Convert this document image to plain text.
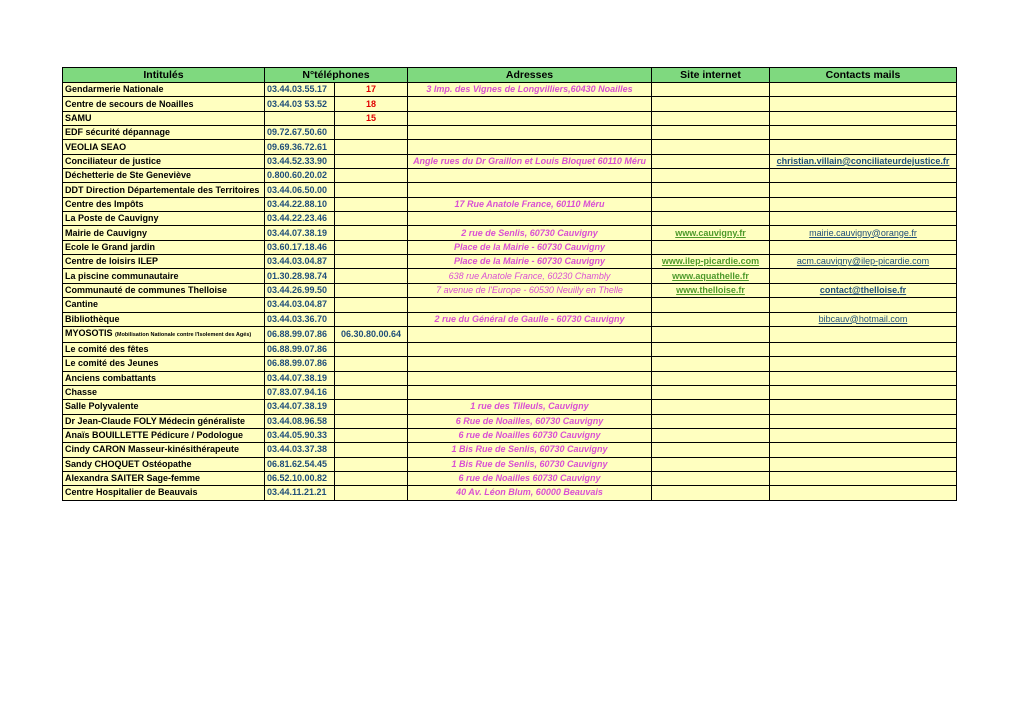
Intitulés	N°téléphones		Adresses	Site internet	Contacts mails
Gendarmerie Nationale	03.44.03.55.17	17	3 Imp. des Vignes de Longvilliers,60430 Noailles		
Centre de secours de Noailles	03.44.03 53.52	18			
SAMU		15			
EDF sécurité dépannage	09.72.67.50.60				
VEOLIA SEAO	09.69.36.72.61				
Conciliateur de justice	03.44.52.33.90		Angle rues du Dr Graillon et Louis Bloquet 60110 Méru		christian.villain@conciliateurdejustice.fr
Déchetterie de Ste Geneviève	0.800.60.20.02				
DDT Direction Départementale des Territoires	03.44.06.50.00				
Centre des Impôts	03.44.22.88.10		17 Rue Anatole France, 60110 Méru		
La Poste de Cauvigny	03.44.22.23.46				
Mairie de Cauvigny	03.44.07.38.19		2 rue de Senlis, 60730 Cauvigny	www.cauvigny.fr	mairie.cauvigny@orange.fr
Ecole le Grand jardin	03.60.17.18.46		Place de la Mairie - 60730 Cauvigny		
Centre de loisirs ILEP	03.44.03.04.87		Place de la Mairie - 60730 Cauvigny	www.ilep-picardie.com	acm.cauvigny@ilep-picardie.com
La piscine communautaire	01.30.28.98.74		638 rue Anatole France, 60230 Chambly	www.aquathelle.fr	
Communauté de communes Thelloise	03.44.26.99.50		7 avenue de l'Europe - 60530 Neuilly en Thelle	www.thelloise.fr	contact@thelloise.fr
Cantine	03.44.03.04.87				
Bibliothèque	03.44.03.36.70		2 rue du Général de Gaulle - 60730 Cauvigny		bibcauv@hotmail.com
MYOSOTIS (Mobilisation Nationale contre l'Isolement des Agés)	06.88.99.07.86	06.30.80.00.64			
Le comité des fêtes	06.88.99.07.86				
Le comité des Jeunes	06.88.99.07.86				
Anciens combattants	03.44.07.38.19				
Chasse	07.83.07.94.16				
Salle Polyvalente	03.44.07.38.19		1 rue des Tilleuls, Cauvigny		
Dr Jean-Claude FOLY Médecin généraliste	03.44.08.96.58		6 Rue de Noailles, 60730 Cauvigny		
Anaïs BOUILLETTE Pédicure / Podologue	03.44.05.90.33		6 rue de Noailles 60730 Cauvigny		
Cindy CARON Masseur-kinésithérapeute	03.44.03.37.38		1 Bis Rue de Senlis, 60730 Cauvigny		
Sandy CHOQUET Ostéopathe	06.81.62.54.45		1 Bis Rue de Senlis, 60730 Cauvigny		
Alexandra SAITER Sage-femme	06.52.10.00.82		6 rue de Noailles 60730 Cauvigny		
Centre Hospitalier de Beauvais	03.44.11.21.21		40 Av. Léon Blum, 60000 Beauvais		
